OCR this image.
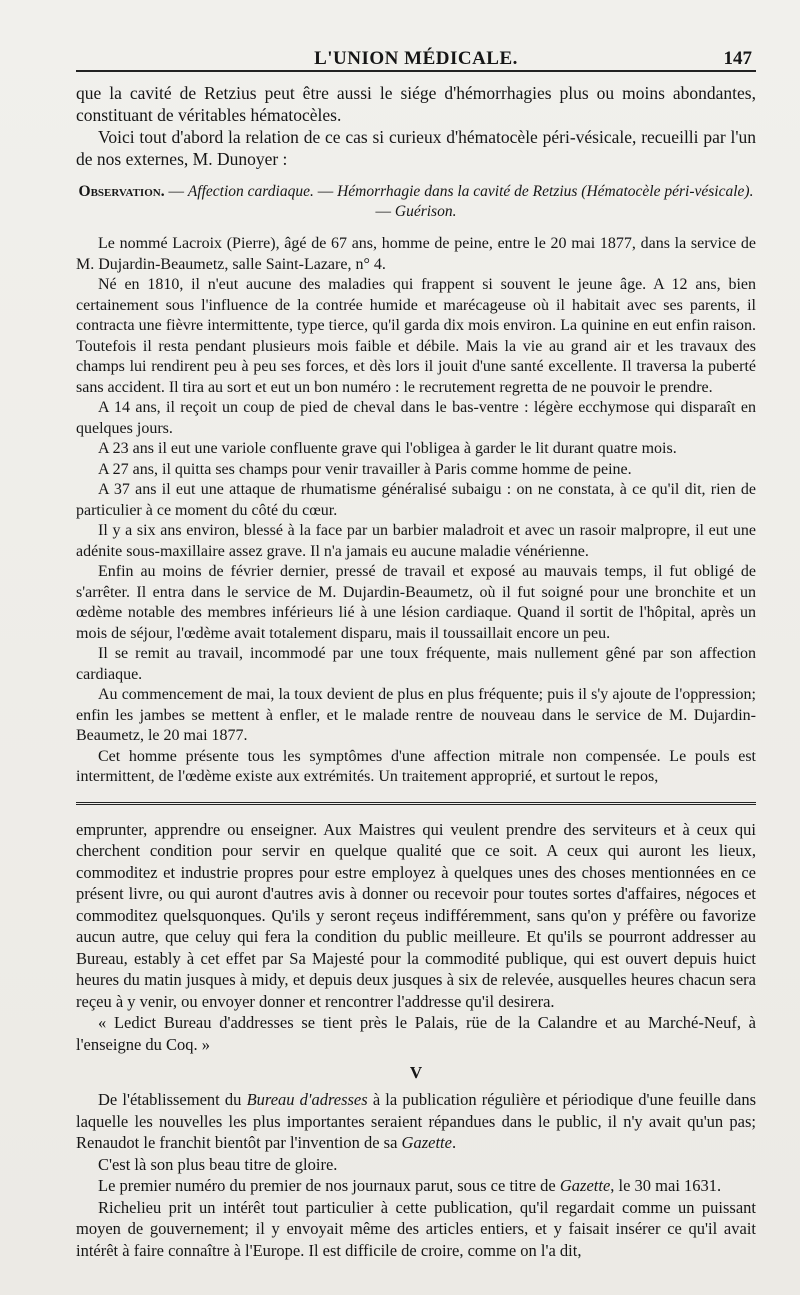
L'UNION MÉDICALE.	147

que la cavité de Retzius peut être aussi le siége d'hémorrhagies plus ou moins abondantes, constituant de véritables hématocèles.

Voici tout d'abord la relation de ce cas si curieux d'hématocèle péri-vésicale, recueilli par l'un de nos externes, M. Dunoyer :

Observation. — Affection cardiaque. — Hémorrhagie dans la cavité de Retzius (Hématocèle péri-vésicale). — Guérison.

Le nommé Lacroix (Pierre), âgé de 67 ans, homme de peine, entre le 20 mai 1877, dans la service de M. Dujardin-Beaumetz, salle Saint-Lazare, n° 4.

Né en 1810, il n'eut aucune des maladies qui frappent si souvent le jeune âge. A 12 ans, bien certainement sous l'influence de la contrée humide et marécageuse où il habitait avec ses parents, il contracta une fièvre intermittente, type tierce, qu'il garda dix mois environ. La quinine en eut enfin raison. Toutefois il resta pendant plusieurs mois faible et débile. Mais la vie au grand air et les travaux des champs lui rendirent peu à peu ses forces, et dès lors il jouit d'une santé excellente. Il traversa la puberté sans accident. Il tira au sort et eut un bon numéro : le recrutement regretta de ne pouvoir le prendre.

A 14 ans, il reçoit un coup de pied de cheval dans le bas-ventre : légère ecchymose qui disparaît en quelques jours.

A 23 ans il eut une variole confluente grave qui l'obligea à garder le lit durant quatre mois.

A 27 ans, il quitta ses champs pour venir travailler à Paris comme homme de peine.

A 37 ans il eut une attaque de rhumatisme généralisé subaigu : on ne constata, à ce qu'il dit, rien de particulier à ce moment du côté du cœur.

Il y a six ans environ, blessé à la face par un barbier maladroit et avec un rasoir malpropre, il eut une adénite sous-maxillaire assez grave. Il n'a jamais eu aucune maladie vénérienne.

Enfin au moins de février dernier, pressé de travail et exposé au mauvais temps, il fut obligé de s'arrêter. Il entra dans le service de M. Dujardin-Beaumetz, où il fut soigné pour une bronchite et un œdème notable des membres inférieurs lié à une lésion cardiaque. Quand il sortit de l'hôpital, après un mois de séjour, l'œdème avait totalement disparu, mais il toussaillait encore un peu.

Il se remit au travail, incommodé par une toux fréquente, mais nullement gêné par son affection cardiaque.

Au commencement de mai, la toux devient de plus en plus fréquente; puis il s'y ajoute de l'oppression; enfin les jambes se mettent à enfler, et le malade rentre de nouveau dans le service de M. Dujardin-Beaumetz, le 20 mai 1877.

Cet homme présente tous les symptômes d'une affection mitrale non compensée. Le pouls est intermittent, de l'œdème existe aux extrémités. Un traitement approprié, et surtout le repos,

emprunter, apprendre ou enseigner. Aux Maistres qui veulent prendre des serviteurs et à ceux qui cherchent condition pour servir en quelque qualité que ce soit. A ceux qui auront les lieux, commoditez et industrie propres pour estre employez à quelques unes des choses mentionnées en ce présent livre, ou qui auront d'autres avis à donner ou recevoir pour toutes sortes d'affaires, négoces et commoditez quelsquonques. Qu'ils y seront reçeus indifféremment, sans qu'on y préfère ou favorize aucun autre, que celuy qui fera la condition du public meilleure. Et qu'ils se pourront addresser au Bureau, estably à cet effet par Sa Majesté pour la commodité publique, qui est ouvert depuis huict heures du matin jusques à midy, et depuis deux jusques à six de relevée, ausquelles heures chacun sera reçeu à y venir, ou envoyer donner et rencontrer l'addresse qu'il desirera.

« Ledict Bureau d'addresses se tient près le Palais, rüe de la Calandre et au Marché-Neuf, à l'enseigne du Coq. »

V

De l'établissement du Bureau d'adresses à la publication régulière et périodique d'une feuille dans laquelle les nouvelles les plus importantes seraient répandues dans le public, il n'y avait qu'un pas; Renaudot le franchit bientôt par l'invention de sa Gazette.

C'est là son plus beau titre de gloire.

Le premier numéro du premier de nos journaux parut, sous ce titre de Gazette, le 30 mai 1631.

Richelieu prit un intérêt tout particulier à cette publication, qu'il regardait comme un puissant moyen de gouvernement; il y envoyait même des articles entiers, et y faisait insérer ce qu'il avait intérêt à faire connaître à l'Europe. Il est difficile de croire, comme on l'a dit,
